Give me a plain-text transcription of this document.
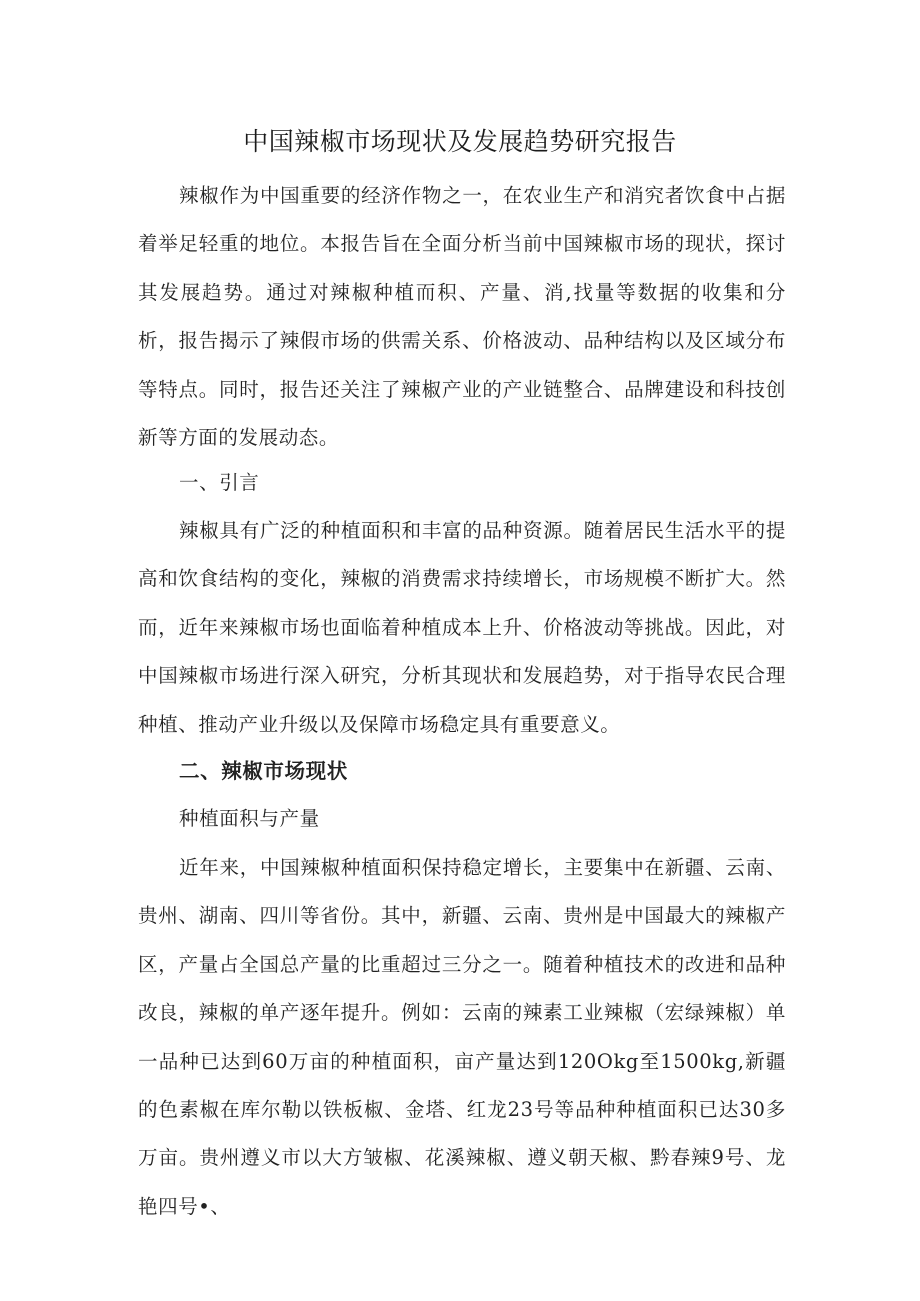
中国辣椒市场现状及发展趋势研究报告

辣椒作为中国重要的经济作物之一，在农业生产和消究者饮食中占据着举足轻重的地位。本报告旨在全面分析当前中国辣椒市场的现状，探讨其发展趋势。通过对辣椒种植而积、产量、消,找量等数据的收集和分析，报告揭示了辣假市场的供需关系、价格波动、品种结构以及区域分布等特点。同时，报告还关注了辣椒产业的产业链整合、品牌建设和科技创新等方面的发展动态。

一、引言

辣椒具有广泛的种植面积和丰富的品种资源。随着居民生活水平的提高和饮食结构的变化，辣椒的消费需求持续增长，市场规模不断扩大。然而，近年来辣椒市场也面临着种植成本上升、价格波动等挑战。因此，对中国辣椒市场进行深入研究，分析其现状和发展趋势，对于指导农民合理种植、推动产业升级以及保障市场稳定具有重要意义。

二、辣椒市场现状

种植面积与产量

近年来，中国辣椒种植面积保持稳定增长，主要集中在新疆、云南、贵州、湖南、四川等省份。其中，新疆、云南、贵州是中国最大的辣椒产区，产量占全国总产量的比重超过三分之一。随着种植技术的改进和品种改良，辣椒的单产逐年提升。例如：云南的辣素工业辣椒（宏绿辣椒）单一品种已达到60万亩的种植面积，亩产量达到120Okg至1500kg,新疆的色素椒在库尔勒以铁板椒、金塔、红龙23号等品种种植面积已达30多万亩。贵州遵义市以大方皱椒、花溪辣椒、遵义朝天椒、黔春辣9号、龙艳四号•、
